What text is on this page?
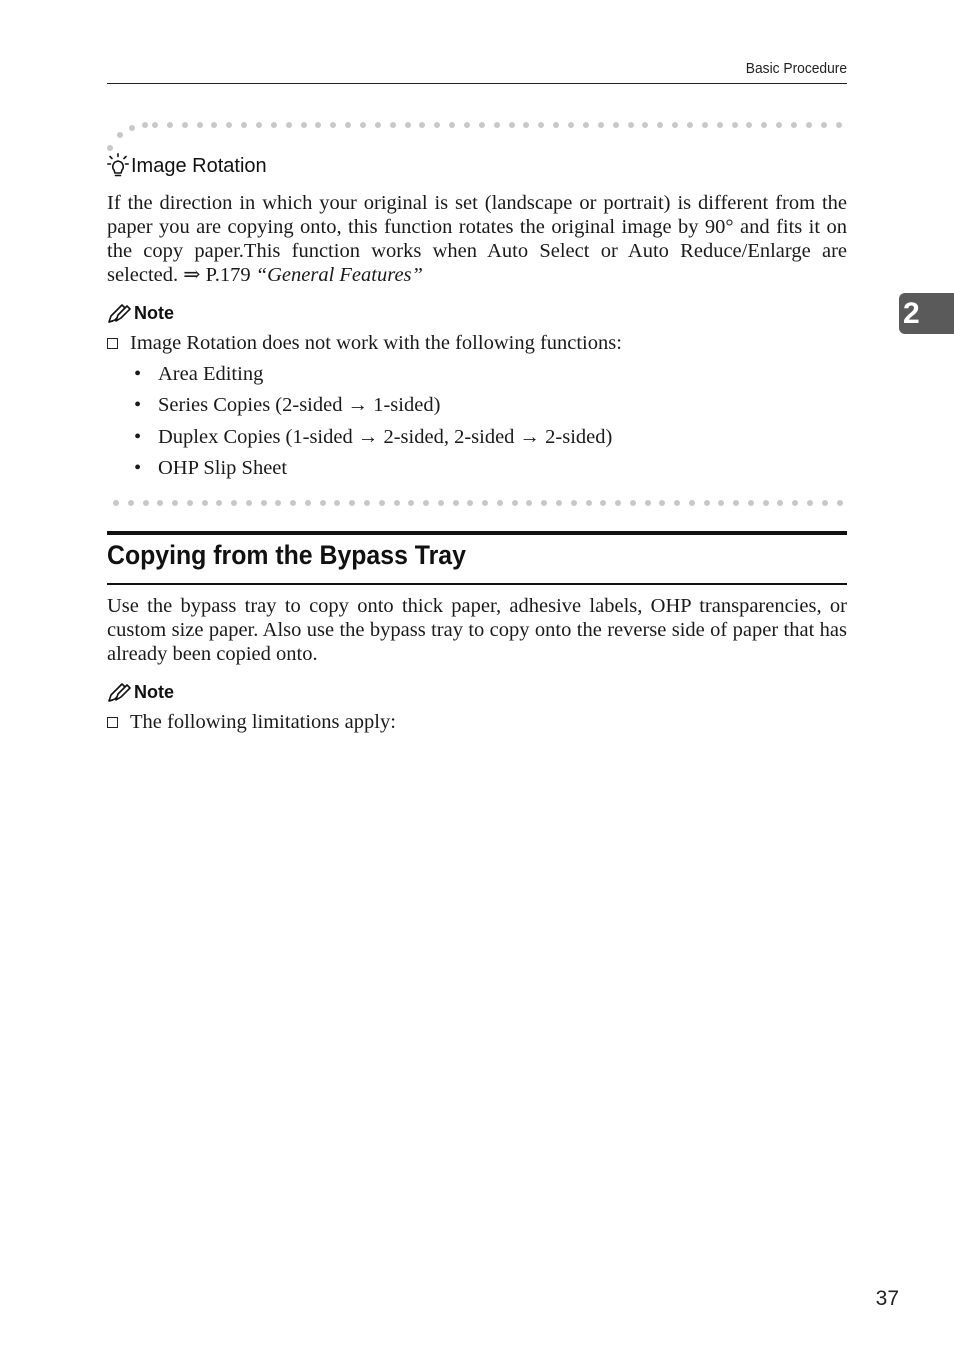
Basic Procedure
Image Rotation
If the direction in which your original is set (landscape or portrait) is different from the paper you are copying onto, this function rotates the original image by 90° and fits it on the copy paper.This function works when Auto Select or Auto Reduce/Enlarge are selected. ⇒ P.179 “General Features”
Note
Image Rotation does not work with the following functions:
• Area Editing
• Series Copies (2-sided → 1-sided)
• Duplex Copies (1-sided → 2-sided, 2-sided → 2-sided)
• OHP Slip Sheet
Copying from the Bypass Tray
Use the bypass tray to copy onto thick paper, adhesive labels, OHP transparencies, or custom size paper. Also use the bypass tray to copy onto the reverse side of paper that has already been copied onto.
Note
The following limitations apply:
2
37
